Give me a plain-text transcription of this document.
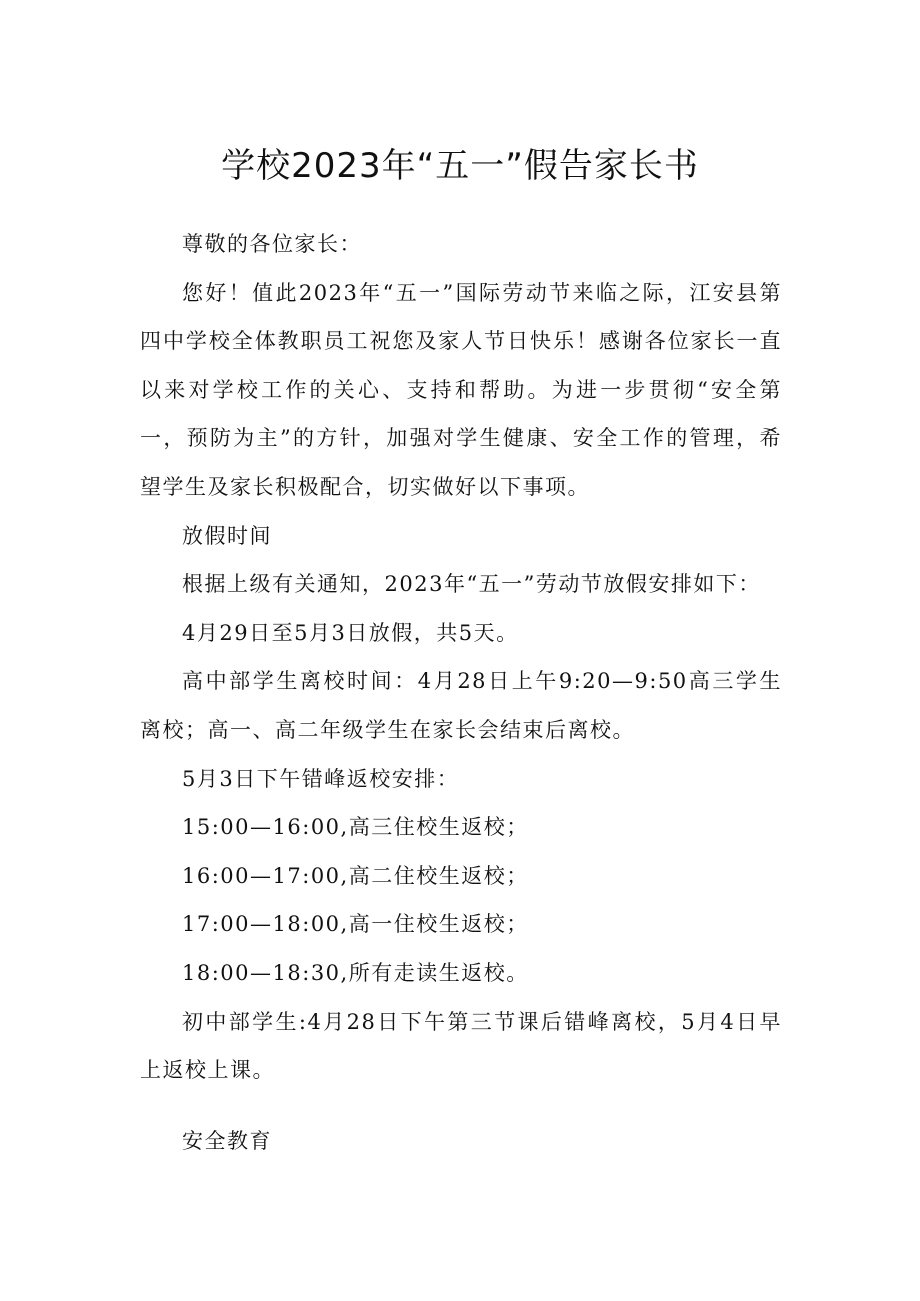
学校2023年“五一”假告家长书

尊敬的各位家长：

您好！值此2023年“五一”国际劳动节来临之际，江安县第四中学校全体教职员工祝您及家人节日快乐！感谢各位家长一直以来对学校工作的关心、支持和帮助。为进一步贯彻“安全第一，预防为主”的方针，加强对学生健康、安全工作的管理，希望学生及家长积极配合，切实做好以下事项。

放假时间

根据上级有关通知，2023年“五一”劳动节放假安排如下：

4月29日至5月3日放假，共5天。

高中部学生离校时间：4月28日上午9:20—9:50高三学生离校；高一、高二年级学生在家长会结束后离校。

5月3日下午错峰返校安排：

15:00—16:00,高三住校生返校；

16:00—17:00,高二住校生返校；

17:00—18:00,高一住校生返校；

18:00—18:30,所有走读生返校。

初中部学生:4月28日下午第三节课后错峰离校，5月4日早上返校上课。

安全教育
